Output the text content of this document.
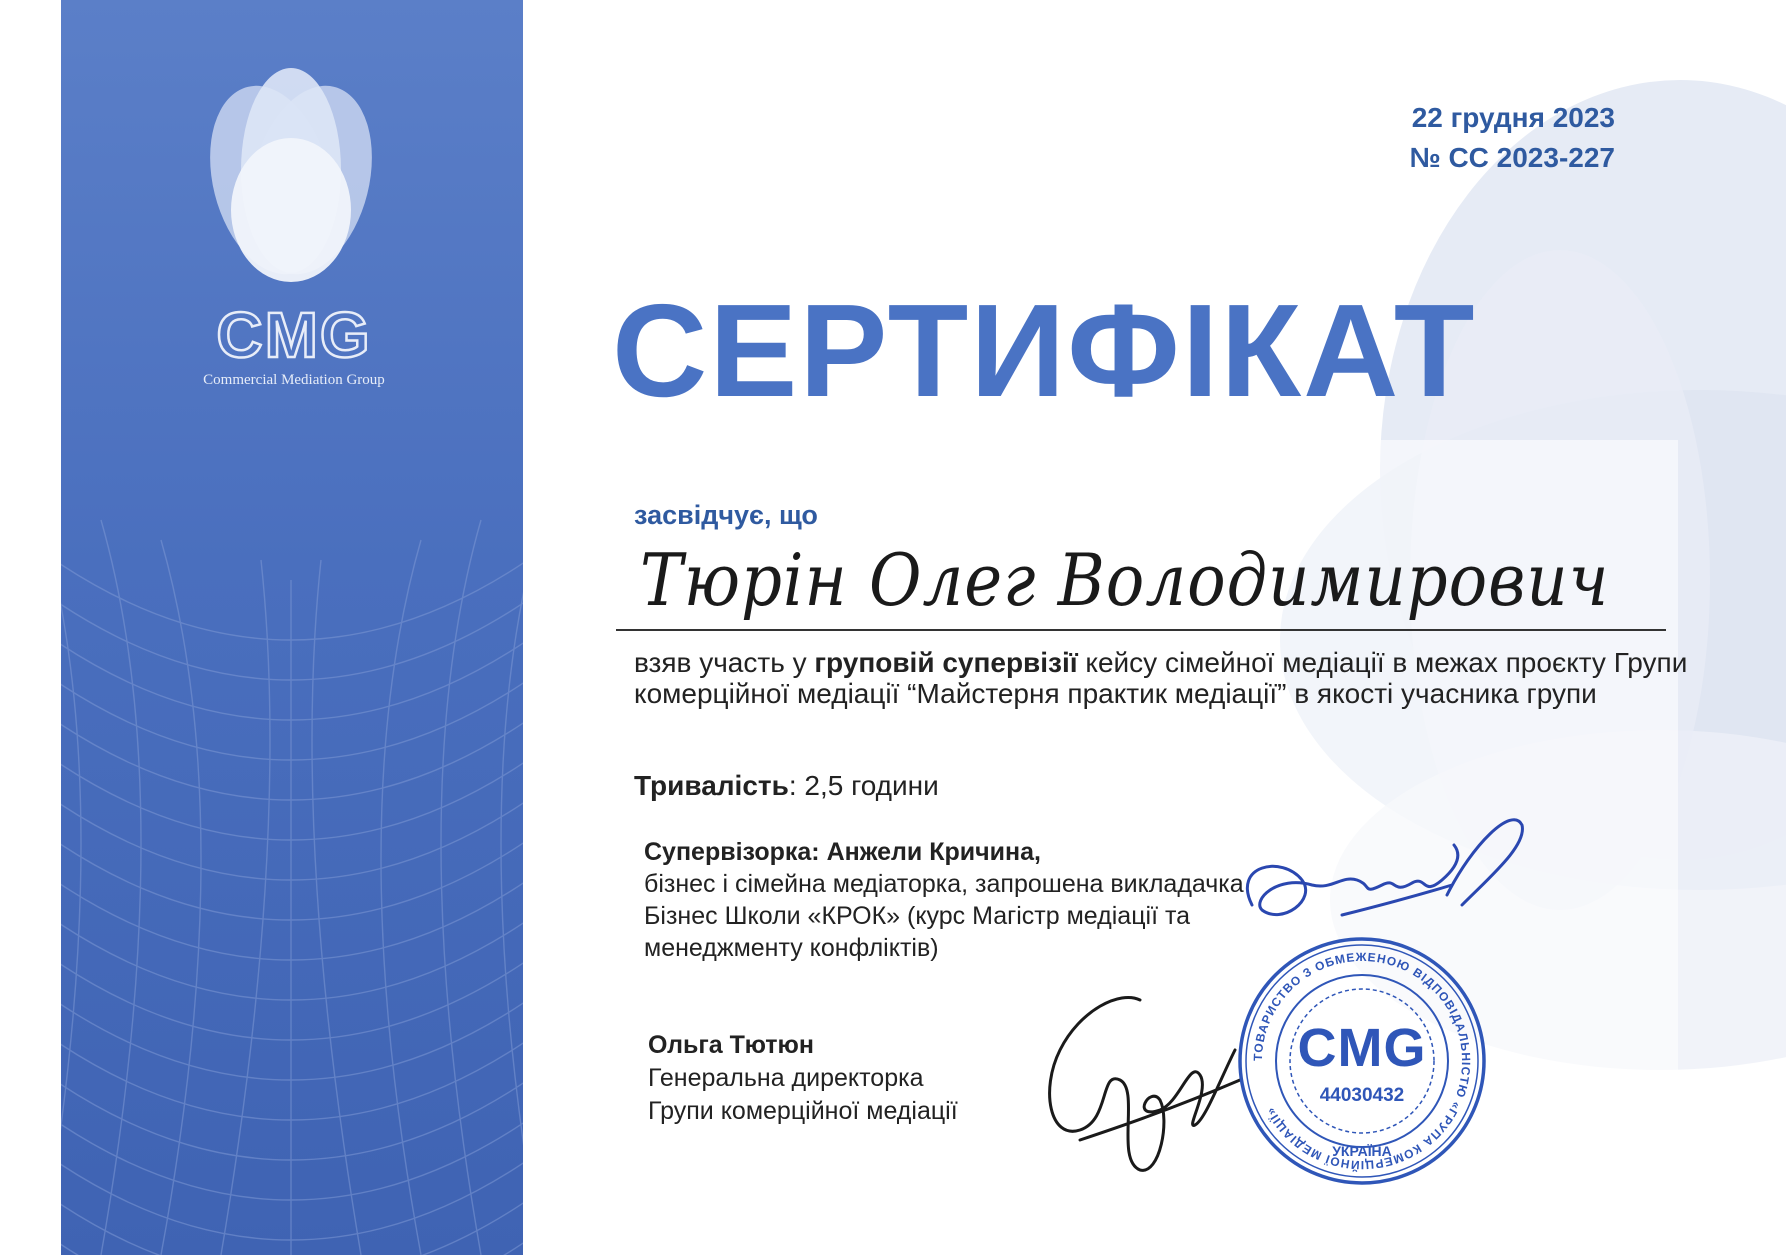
CMG
Commercial Mediation Group
22 грудня 2023
№ CC 2023-227
СЕРТИФІКАТ
засвідчує, що
Тюрін Олег Володимирович
взяв участь у груповій супервізії кейсу сімейної медіації в межах проєкту Групи комерційної медіації “Майстерня практик медіації” в якості учасника групи
Тривалість: 2,5 години
Супервізорка: Анжели Кричина,
бізнес і сімейна медіаторка, запрошена викладачка Бізнес Школи «КРОК» (курс Магістр медіації та менеджменту конфліктів)
Ольга Тютюн
Генеральна директорка
Групи комерційної медіації
ТОВАРИСТВО З ОБМЕЖЕНОЮ ВІДПОВІДАЛЬНІСТЮ «ГРУПА КОМЕРЦІЙНОЇ МЕДІАЦІЇ»
CMG
44030432
УКРАЇНА
